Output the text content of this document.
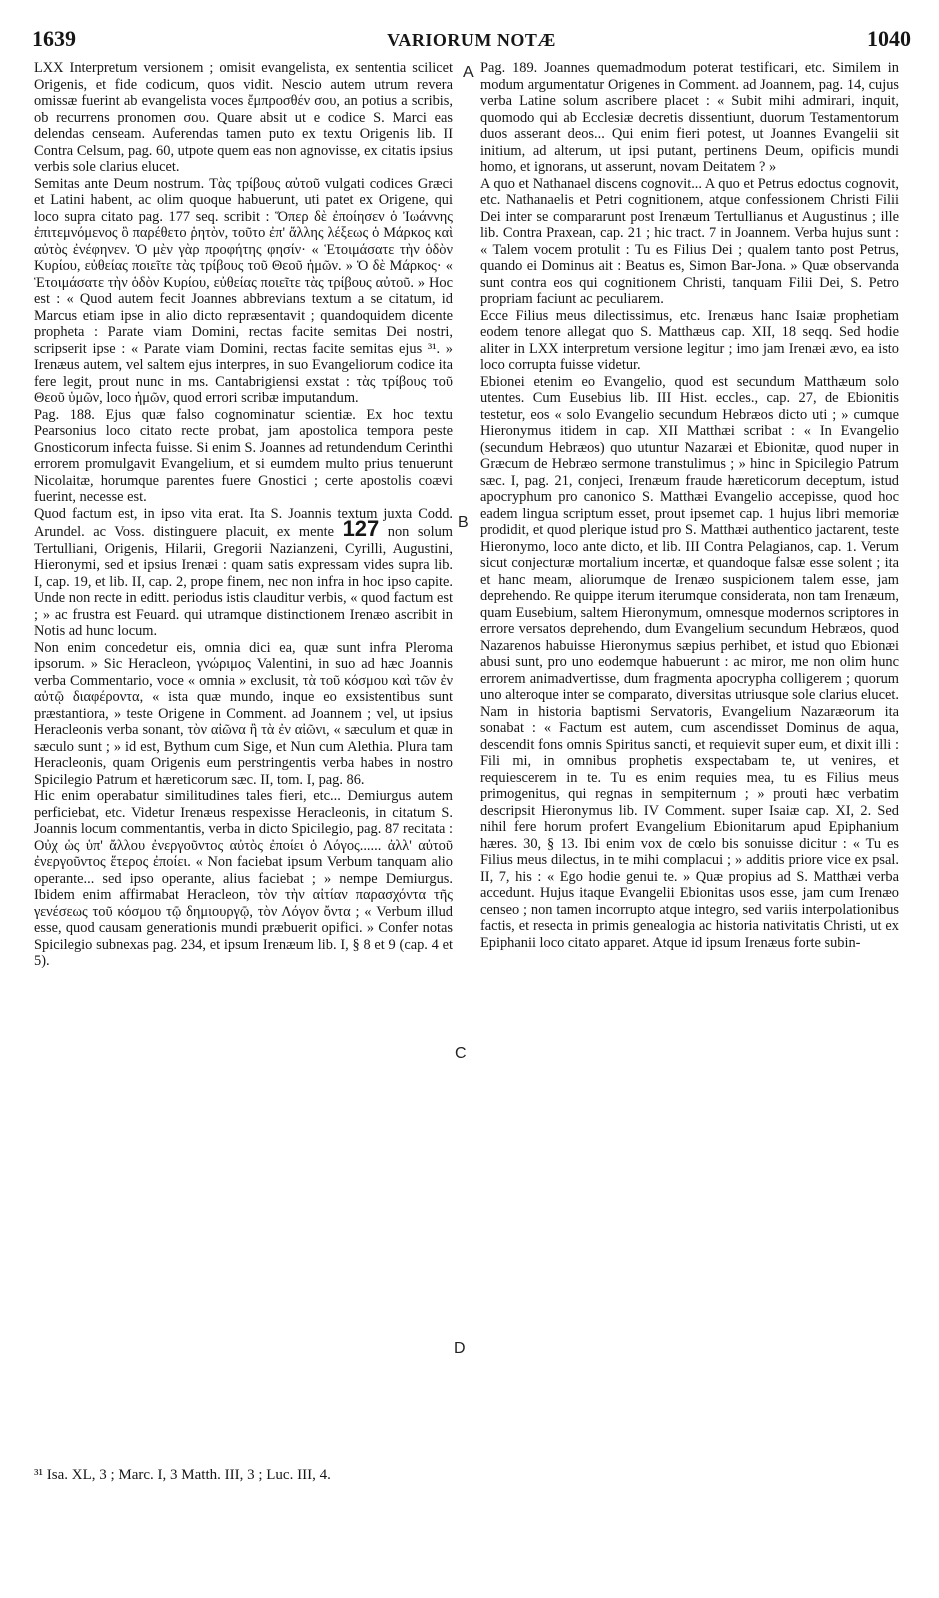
1639	VARIORUM NOTÆ	1040
A
B
C
D

LXX Interpretum versionem ; omisit evangelista, ex sententia scilicet Origenis, et fide codicum, quos vidit. Nescio autem utrum revera omissæ fuerint ab evangelista voces ἔμπροσθέν σου, an potius a scribis, ob recurrens pronomen σου. Quare absit ut e codice S. Marci eas delendas censeam. Auferendas tamen puto ex textu Origenis lib. II Contra Celsum, pag. 60, utpote quem eas non agnovisse, ex citatis ipsius verbis sole clarius elucet.

Semitas ante Deum nostrum. Τὰς τρίβους αὐτοῦ vulgati codices Græci et Latini habent, ac olim quoque habuerunt, uti patet ex Origene, qui loco supra citato pag. 177 seq. scribit : Ὅπερ δὲ ἐποίησεν ὁ Ἰωάννης ἐπιτεμνόμενος ὃ παρέθετο ῥητὸν, τοῦτο ἐπ' ἄλλης λέξεως ὁ Μάρκος καὶ αὐτὸς ἐνέφηνεν. Ὁ μὲν γὰρ προφήτης φησίν· « Ἑτοιμάσατε τὴν ὁδὸν Κυρίου, εὐθείας ποιεῖτε τὰς τρίβους τοῦ Θεοῦ ἡμῶν. » Ὁ δὲ Μάρκος· « Ἑτοιμάσατε τὴν ὁδὸν Κυρίου, εὐθείας ποιεῖτε τὰς τρίβους αὐτοῦ. » Hoc est : « Quod autem fecit Joannes abbrevians textum a se citatum, id Marcus etiam ipse in alio dicto repræsentavit ; quandoquidem dicente propheta : Parate viam Domini, rectas facite semitas Dei nostri, scripserit ipse : « Parate viam Domini, rectas facite semitas ejus ³¹. » Irenæus autem, vel saltem ejus interpres, in suo Evangeliorum codice ita fere legit, prout nunc in ms. Cantabrigiensi exstat : τὰς τρίβους τοῦ Θεοῦ ὑμῶν, loco ἡμῶν, quod errori scribæ imputandum.

Pag. 188. Ejus quæ falso cognominatur scientiæ. Ex hoc textu Pearsonius loco citato recte probat, jam apostolica tempora peste Gnosticorum infecta fuisse. Si enim S. Joannes ad retundendum Cerinthi errorem promulgavit Evangelium, et si eumdem multo prius tenuerunt Nicolaitæ, horumque parentes fuere Gnostici ; certe apostolis coævi fuerint, necesse est.

Quod factum est, in ipso vita erat. Ita S. Joannis textum juxta Codd. Arundel. ac Voss. distinguere placuit, ex mente 127 non solum Tertulliani, Origenis, Hilarii, Gregorii Nazianzeni, Cyrilli, Augustini, Hieronymi, sed et ipsius Irenæi : quam satis expressam vides supra lib. I, cap. 19, et lib. II, cap. 2, prope finem, nec non infra in hoc ipso capite. Unde non recte in editt. periodus istis clauditur verbis, « quod factum est ; » ac frustra est Feuard. qui utramque distinctionem Irenæo ascribit in Notis ad hunc locum.

Non enim concedetur eis, omnia dici ea, quæ sunt infra Pleroma ipsorum. » Sic Heracleon, γνώριμος Valentini, in suo ad hæc Joannis verba Commentario, voce « omnia » exclusit, τὰ τοῦ κόσμου καὶ τῶν ἐν αὐτῷ διαφέροντα, « ista quæ mundo, inque eo exsistentibus sunt præstantiora, » teste Origene in Comment. ad Joannem ; vel, ut ipsius Heracleonis verba sonant, τὸν αἰῶνα ἢ τὰ ἐν αἰῶνι, « sæculum et quæ in sæculo sunt ; » id est, Bythum cum Sige, et Nun cum Alethia. Plura tam Heracleonis, quam Origenis eum perstringentis verba habes in nostro Spicilegio Patrum et hæreticorum sæc. II, tom. I, pag. 86.

Hic enim operabatur similitudines tales fieri, etc... Demiurgus autem perficiebat, etc. Videtur Irenæus respexisse Heracleonis, in citatum S. Joannis locum commentantis, verba in dicto Spicilegio, pag. 87 recitata : Οὐχ ὡς ὑπ' ἄλλου ἐνεργοῦντος αὐτὸς ἐποίει ὁ Λόγος...... ἀλλ' αὐτοῦ ἐνεργοῦντος ἕτερος ἐποίει. « Non faciebat ipsum Verbum tanquam alio operante... sed ipso operante, alius faciebat ; » nempe Demiurgus. Ibidem enim affirmabat Heracleon, τὸν τὴν αἰτίαν παρασχόντα τῆς γενέσεως τοῦ κόσμου τῷ δημιουργῷ, τὸν Λόγον ὄντα ; « Verbum illud esse, quod causam generationis mundi præbuerit opifici. » Confer notas Spicilegio subnexas pag. 234, et ipsum Irenæum lib. I, § 8 et 9 (cap. 4 et 5).

Pag. 189. Joannes quemadmodum poterat testificari, etc. Similem in modum argumentatur Origenes in Comment. ad Joannem, pag. 14, cujus verba Latine solum ascribere placet : « Subit mihi admirari, inquit, quomodo qui ab Ecclesiæ decretis dissentiunt, duorum Testamentorum duos asserant deos... Qui enim fieri potest, ut Joannes Evangelii sit initium, ad alterum, ut ipsi putant, pertinens Deum, opificis mundi homo, et ignorans, ut asserunt, novam Deitatem ? »

A quo et Nathanael discens cognovit... A quo et Petrus edoctus cognovit, etc. Nathanaelis et Petri cognitionem, atque confessionem Christi Filii Dei inter se compararunt post Irenæum Tertullianus et Augustinus ; ille lib. Contra Praxean, cap. 21 ; hic tract. 7 in Joannem. Verba hujus sunt : « Talem vocem protulit : Tu es Filius Dei ; qualem tanto post Petrus, quando ei Dominus ait : Beatus es, Simon Bar-Jona. » Quæ observanda sunt contra eos qui cognitionem Christi, tanquam Filii Dei, S. Petro propriam faciunt ac peculiarem.

Ecce Filius meus dilectissimus, etc. Irenæus hanc Isaiæ prophetiam eodem tenore allegat quo S. Matthæus cap. XII, 18 seqq. Sed hodie aliter in LXX interpretum versione legitur ; imo jam Irenæi ævo, ea isto loco corrupta fuisse videtur.

Ebionei etenim eo Evangelio, quod est secundum Matthæum solo utentes. Cum Eusebius lib. III Hist. eccles., cap. 27, de Ebionitis testetur, eos « solo Evangelio secundum Hebræos dicto uti ; » cumque Hieronymus itidem in cap. XII Matthæi scribat : « In Evangelio (secundum Hebræos) quo utuntur Nazaræi et Ebionitæ, quod nuper in Græcum de Hebræo sermone transtulimus ; » hinc in Spicilegio Patrum sæc. I, pag. 21, conjeci, Irenæum fraude hæreticorum deceptum, istud apocryphum pro canonico S. Matthæi Evangelio accepisse, quod hoc eadem lingua scriptum esset, prout ipsemet cap. 1 hujus libri memoriæ prodidit, et quod plerique istud pro S. Matthæi authentico jactarent, teste Hieronymo, loco ante dicto, et lib. III Contra Pelagianos, cap. 1. Verum sicut conjecturæ mortalium incertæ, et quandoque falsæ esse solent ; ita et hanc meam, aliorumque de Irenæo suspicionem talem esse, jam deprehendo. Re quippe iterum iterumque considerata, non tam Irenæum, quam Eusebium, saltem Hieronymum, omnesque modernos scriptores in errore versatos deprehendo, dum Evangelium secundum Hebræos, quod Nazarenos habuisse Hieronymus sæpius perhibet, et istud quo Ebionæi abusi sunt, pro uno eodemque habuerunt : ac miror, me non olim hunc errorem animadvertisse, dum fragmenta apocrypha colligerem ; quorum uno alteroque inter se comparato, diversitas utriusque sole clarius elucet. Nam in historia baptismi Servatoris, Evangelium Nazaræorum ita sonabat : « Factum est autem, cum ascendisset Dominus de aqua, descendit fons omnis Spiritus sancti, et requievit super eum, et dixit illi : Fili mi, in omnibus prophetis exspectabam te, ut venires, et requiescerem in te. Tu es enim requies mea, tu es Filius meus primogenitus, qui regnas in sempiternum ; » prouti hæc verbatim descripsit Hieronymus lib. IV Comment. super Isaiæ cap. XI, 2. Sed nihil fere horum profert Evangelium Ebionitarum apud Epiphanium hæres. 30, § 13. Ibi enim vox de cœlo bis sonuisse dicitur : « Tu es Filius meus dilectus, in te mihi complacui ; » additis priore vice ex psal. II, 7, his : « Ego hodie genui te. » Quæ propius ad S. Matthæi verba accedunt. Hujus itaque Evangelii Ebionitas usos esse, jam cum Irenæo censeo ; non tamen incorrupto atque integro, sed variis interpolationibus factis, et resecta in primis genealogia ac historia nativitatis Christi, ut ex Epiphanii loco citato apparet. Atque id ipsum Irenæus forte subin-

³¹ Isa. XL, 3 ; Marc. I, 3 Matth. III, 3 ; Luc. III, 4.
